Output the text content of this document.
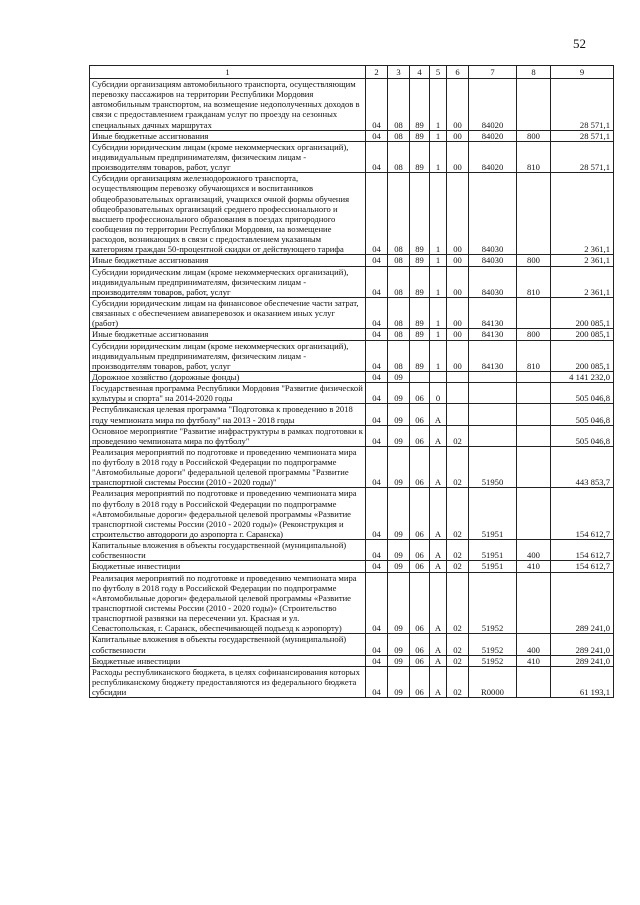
52
1	2	3	4	5	6	7	8	9
Субсидии организациям автомобильного транспорта, осуществляющим перевозку пассажиров на территории Республики Мордовия автомобильным транспортом, на возмещение недополученных доходов в связи с предоставлением гражданам услуг по проезду на сезонных специальных дачных маршрутах	04	08	89	1	00	84020		28 571,1
Иные бюджетные ассигнования	04	08	89	1	00	84020	800	28 571,1
Субсидии юридическим лицам (кроме некоммерческих организаций), индивидуальным предпринимателям, физическим лицам - производителям товаров, работ, услуг	04	08	89	1	00	84020	810	28 571,1
Субсидии организациям железнодорожного транспорта, осуществляющим перевозку обучающихся и воспитанников общеобразовательных организаций, учащихся очной формы обучения общеобразовательных организаций среднего профессионального и высшего профессионального образования в поездах пригородного сообщения по территории Республики Мордовия, на возмещение расходов, возникающих в связи с предоставлением указанным категориям граждан 50-процентной скидки от действующего тарифа	04	08	89	1	00	84030		2 361,1
Иные бюджетные ассигнования	04	08	89	1	00	84030	800	2 361,1
Субсидии юридическим лицам (кроме некоммерческих организаций), индивидуальным предпринимателям, физическим лицам - производителям товаров, работ, услуг	04	08	89	1	00	84030	810	2 361,1
Субсидии юридическим лицам на финансовое обеспечение части затрат, связанных с обеспечением авиаперевозок и оказанием иных услуг (работ)	04	08	89	1	00	84130		200 085,1
Иные бюджетные ассигнования	04	08	89	1	00	84130	800	200 085,1
Субсидии юридическим лицам (кроме некоммерческих организаций), индивидуальным предпринимателям, физическим лицам - производителям товаров, работ, услуг	04	08	89	1	00	84130	810	200 085,1
Дорожное хозяйство (дорожные фонды)	04	09						4 141 232,0
Государственная программа Республики Мордовия "Развитие физической культуры и спорта" на 2014-2020 годы	04	09	06	0				505 046,8
Республиканская целевая программа "Подготовка к проведению в 2018 году чемпионата мира по футболу" на 2013 - 2018 годы	04	09	06	А				505 046,8
Основное мероприятие "Развитие инфраструктуры в рамках подготовки к проведению чемпионата мира по футболу"	04	09	06	А	02			505 046,8
Реализация мероприятий по подготовке и проведению чемпионата мира по футболу в 2018 году в Российской Федерации по подпрограмме "Автомобильные дороги" федеральной целевой программы "Развитие транспортной системы России (2010 - 2020 годы)"	04	09	06	А	02	51950		443 853,7
Реализация мероприятий по подготовке и проведению чемпионата мира по футболу в 2018 году в Российской Федерации по подпрограмме «Автомобильные дороги» федеральной целевой программы «Развитие транспортной системы России (2010 - 2020 годы)» (Реконструкция и строительство автодороги до аэропорта г. Саранска)	04	09	06	А	02	51951		154 612,7
Капитальные вложения в объекты государственной (муниципальной) собственности	04	09	06	А	02	51951	400	154 612,7
Бюджетные инвестиции	04	09	06	А	02	51951	410	154 612,7
Реализация мероприятий по подготовке и проведению чемпионата мира по футболу в 2018 году в Российской Федерации по подпрограмме «Автомобильные дороги» федеральной целевой программы «Развитие транспортной системы России (2010 - 2020 годы)» (Строительство транспортной развязки на пересечении ул. Красная и ул. Севастопольская, г. Саранск, обеспечивающей подъезд к аэропорту)	04	09	06	А	02	51952		289 241,0
Капитальные вложения в объекты государственной (муниципальной) собственности	04	09	06	А	02	51952	400	289 241,0
Бюджетные инвестиции	04	09	06	А	02	51952	410	289 241,0
Расходы республиканского бюджета, в целях софинансирования которых республиканскому бюджету предоставляются из федерального бюджета субсидии	04	09	06	А	02	R0000		61 193,1
